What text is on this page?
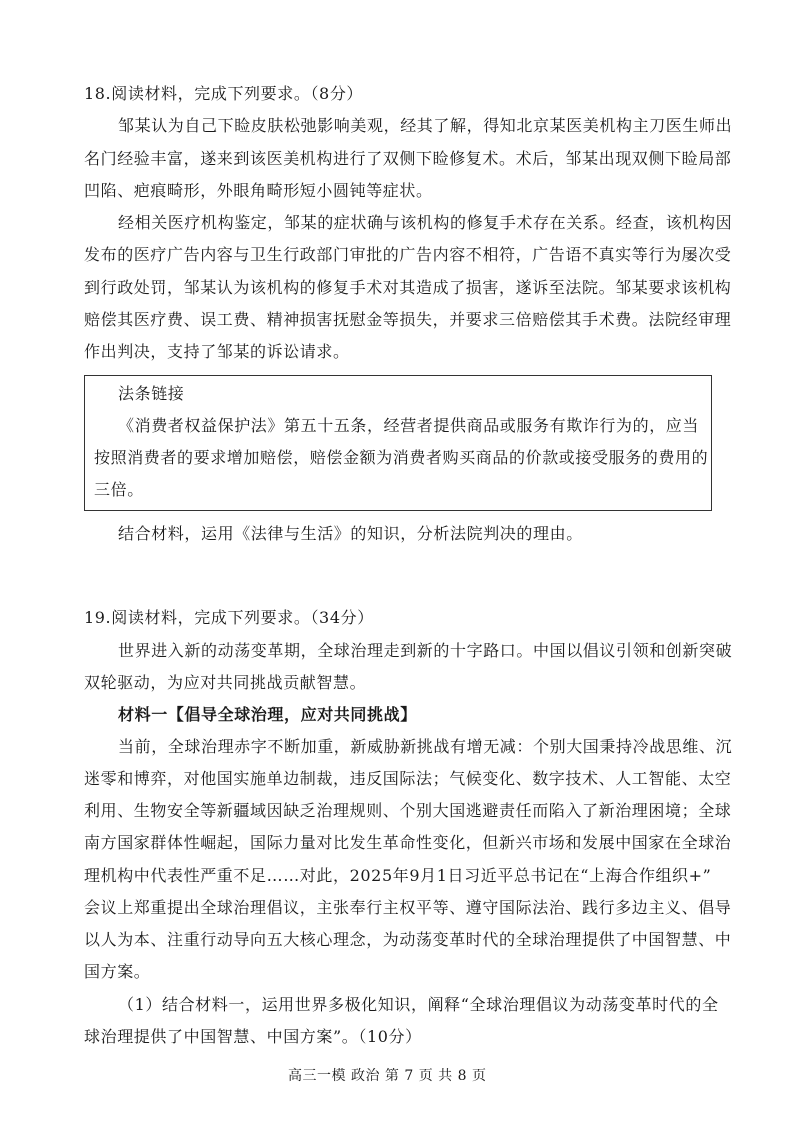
18.阅读材料，完成下列要求。（8分）
邹某认为自己下睑皮肤松弛影响美观，经其了解，得知北京某医美机构主刀医生师出
名门经验丰富，遂来到该医美机构进行了双侧下睑修复术。术后，邹某出现双侧下睑局部
凹陷、疤痕畸形，外眼角畸形短小圆钝等症状。
经相关医疗机构鉴定，邹某的症状确与该机构的修复手术存在关系。经查，该机构因
发布的医疗广告内容与卫生行政部门审批的广告内容不相符，广告语不真实等行为屡次受
到行政处罚，邹某认为该机构的修复手术对其造成了损害，遂诉至法院。邹某要求该机构
赔偿其医疗费、误工费、精神损害抚慰金等损失，并要求三倍赔偿其手术费。法院经审理
作出判决，支持了邹某的诉讼请求。
法条链接
《消费者权益保护法》第五十五条，经营者提供商品或服务有欺诈行为的，应当
按照消费者的要求增加赔偿，赔偿金额为消费者购买商品的价款或接受服务的费用的
三倍。
结合材料，运用《法律与生活》的知识，分析法院判决的理由。
19.阅读材料，完成下列要求。（34分）
世界进入新的动荡变革期，全球治理走到新的十字路口。中国以倡议引领和创新突破
双轮驱动，为应对共同挑战贡献智慧。
材料一【倡导全球治理，应对共同挑战】
当前，全球治理赤字不断加重，新威胁新挑战有增无减：个别大国秉持冷战思维、沉
迷零和博弈，对他国实施单边制裁，违反国际法；气候变化、数字技术、人工智能、太空
利用、生物安全等新疆域因缺乏治理规则、个别大国逃避责任而陷入了新治理困境；全球
南方国家群体性崛起，国际力量对比发生革命性变化，但新兴市场和发展中国家在全球治
理机构中代表性严重不足……对此，2025年9月1日习近平总书记在“上海合作组织+”
会议上郑重提出全球治理倡议，主张奉行主权平等、遵守国际法治、践行多边主义、倡导
以人为本、注重行动导向五大核心理念，为动荡变革时代的全球治理提供了中国智慧、中
国方案。
（1）结合材料一，运用世界多极化知识，阐释“全球治理倡议为动荡变革时代的全
球治理提供了中国智慧、中国方案”。（10分）
高三一模 政治 第 7 页 共 8 页
